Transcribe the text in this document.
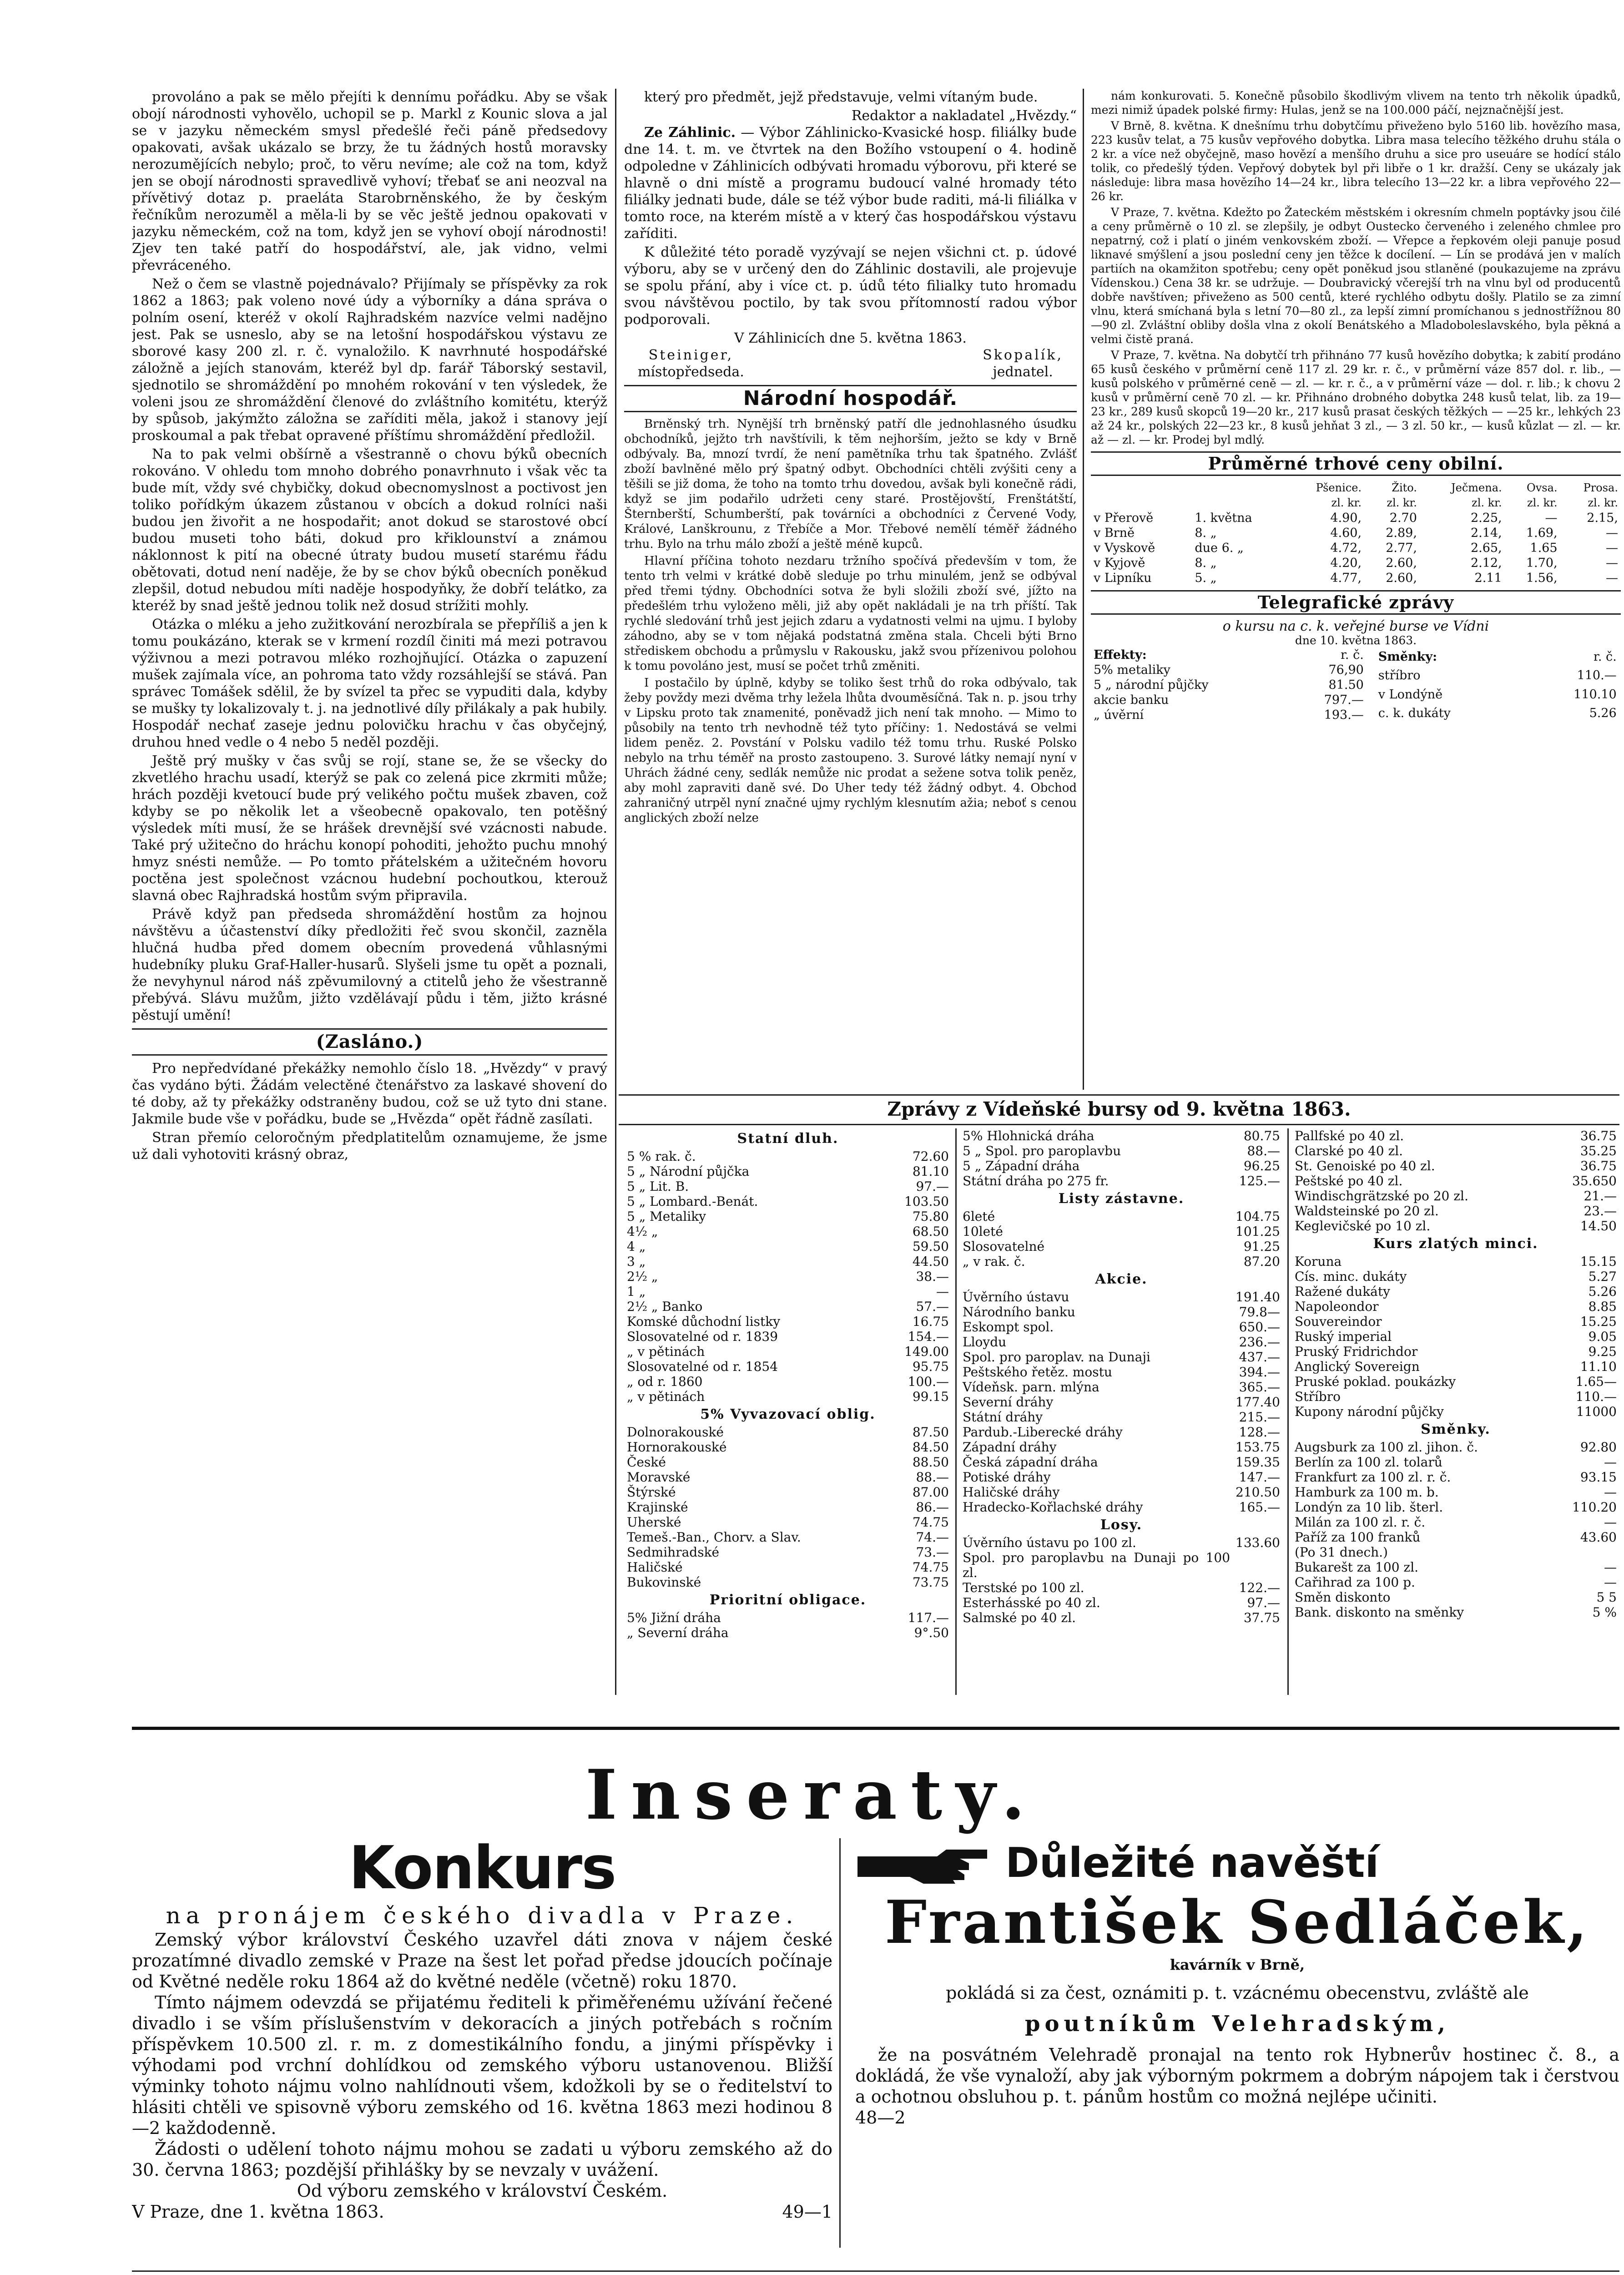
provoláno a pak se mělo přejíti k dennímu pořádku. Aby se však obojí národnosti vyhovělo, uchopil se p. Markl z Kounic slova a jal se v jazyku německém smysl předešlé řeči páně předsedovy opakovati, avšak ukázalo se brzy, že tu žádných hostů moravsky nerozumějících nebylo; proč, to věru nevíme; ale což na tom, když jen se obojí národnosti spravedlivě vyhoví; třebať se ani neozval na přívětivý dotaz p. praeláta Starobrněnského, že by českým řečníkům nerozuměl a měla-li by se věc ještě jednou opakovati v jazyku německém, což na tom, když jen se vyhoví obojí národnosti! Zjev ten také patří do hospodářství, ale, jak vidno, velmi převráceného.

Než o čem se vlastně pojednávalo? Přijímaly se příspěvky za rok 1862 a 1863; pak voleno nové údy a výborníky a dána správa o polním osení, kteréž v okolí Rajhradském nazvíce velmi nadějno jest. Pak se usneslo, aby se na letošní hospodářskou výstavu ze sborové kasy 200 zl. r. č. vynaložilo. K navrhnuté hospodářské záložně a jejích stanovám, kteréž byl dp. farář Táborský sestavil, sjednotilo se shromáždění po mnohém rokování v ten výsledek, že voleni jsou ze shromáždění členové do zvláštního komitétu, kterýž by spůsob, jakýmžto záložna se zaříditi měla, jakož i stanovy její proskoumal a pak třebat opravené příštímu shromáždění předložil.

Na to pak velmi obšírně a všestranně o chovu býků obecních rokováno. V ohledu tom mnoho dobrého ponavrhnuto i však věc ta bude mít, vždy své chybičky, dokud obecnomyslnost a poctivost jen toliko pořídkým úkazem zůstanou v obcích a dokud rolníci naši budou jen živořit a ne hospodařit; anot dokud se starostové obcí budou museti toho báti, dokud pro křiklounství a známou náklonnost k pití na obecné útraty budou musetí starému řádu obětovati, dotud není naděje, že by se chov býků obecních poněkud zlepšil, dotud nebudou míti naděje hospodyňky, že dobří telátko, za kteréž by snad ještě jednou tolik než dosud strížiti mohly.

Otázka o mléku a jeho zužitkování nerozbírala se přepříliš a jen k tomu poukázáno, kterak se v krmení rozdíl činiti má mezi potravou výživnou a mezi potravou mléko rozhojňující. Otázka o zapuzení mušek zajímala více, an pohroma tato vždy rozsáhlejší se stává. Pan správec Tomášek sdělil, že by svízel ta přec se vypuditi dala, kdyby se mušky ty lokalizovaly t. j. na jednotlivé díly přilákaly a pak hubily. Hospodář nechať zaseje jednu polovičku hrachu v čas obyčejný, druhou hned vedle o 4 nebo 5 neděl později.

Ještě prý mušky v čas svůj se rojí, stane se, že se všecky do zkvetlého hrachu usadí, kterýž se pak co zelená pice zkrmiti může; hrách později kvetoucí bude prý velikého počtu mušek zbaven, což kdyby se po několik let a všeobecně opakovalo, ten potěšný výsledek míti musí, že se hrášek drevnější své vzácnosti nabude. Také prý užitečno do hráchu konopí pohoditi, jehožto puchu mnohý hmyz snésti nemůže. — Po tomto přátelském a užitečném hovoru poctěna jest společnost vzácnou hudební pochoutkou, kterouž slavná obec Rajhradská hostům svým připravila.

Právě když pan předseda shromáždění hostům za hojnou návštěvu a účastenství díky předložiti řeč svou skončil, zazněla hlučná hudba před domem obecním provedená vůhlasnými hudebníky pluku Graf-Haller-husarů. Slyšeli jsme tu opět a poznali, že nevyhynul národ náš zpěvumilovný a ctitelů jeho že všestranně přebývá. Slávu mužům, jižto vzdělávají půdu i těm, jižto krásné pěstují umění!

(Zasláno.)

Pro nepředvídané překážky nemohlo číslo 18. „Hvězdy“ v pravý čas vydáno býti. Žádám velectěné čtenářstvo za laskavé shovení do té doby, až ty překážky odstraněny budou, což se už tyto dni stane. Jakmile bude vše v pořádku, bude se „Hvězda“ opět řádně zasílati.

Stran přemío celoročným předplatitelům oznamujeme, že jsme už dali vyhotoviti krásný obraz,

který pro předmět, jejž představuje, velmi vítaným bude.

Redaktor a nakladatel „Hvězdy.“

Ze Záhlinic. — Výbor Záhlinicko-Kvasické hosp. filiálky bude dne 14. t. m. ve čtvrtek na den Božího vstoupení o 4. hodině odpoledne v Záhlinicích odbývati hromadu výborovu, při které se hlavně o dni místě a programu budoucí valné hromady této filiálky jednati bude, dále se též výbor bude raditi, má-li filiálka v tomto roce, na kterém místě a v který čas hospodářskou výstavu zaříditi.

K důležité této poradě vyzývají se nejen všichni ct. p. údové výboru, aby se v určený den do Záhlinic dostavili, ale projevuje se spolu přání, aby i více ct. p. údů této filialky tuto hromadu svou návštěvou poctilo, by tak svou přítomností radou výbor podporovali.

V Záhlinicích dne 5. května 1863.
Steiniger,
místopředseda.
Skopalík,
jednatel.
Národní hospodář.

Brněnský trh. Nynější trh brněnský patří dle jednohlasného úsudku obchodníků, jejžto trh navštívili, k těm nejhorším, ježto se kdy v Brně odbývaly. Ba, mnozí tvrdí, že není pamětníka trhu tak špatného. Zvlášť zboží bavlněné mělo prý špatný odbyt. Obchodníci chtěli zvýšiti ceny a těšili se již doma, že toho na tomto trhu dovedou, avšak byli konečně rádi, když se jim podařilo udržeti ceny staré. Prostějovští, Frenštátští, Šternberští, Schumberští, pak továrníci a obchodníci z Červené Vody, Králové, Lanškrounu, z Třebíče a Mor. Třebové nemělí téměř žádného trhu. Bylo na trhu málo zboží a ještě méně kupců.

Hlavní příčina tohoto nezdaru tržního spočívá především v tom, že tento trh velmi v krátké době sleduje po trhu minulém, jenž se odbýval před třemi týdny. Obchodníci sotva že byli složili zboží své, jížto na předešlém trhu vyloženo měli, již aby opět nakládali je na trh příští. Tak rychlé sledování trhů jest jejich zdaru a vydatnosti velmi na ujmu. I byloby záhodno, aby se v tom nějaká podstatná změna stala. Chceli býti Brno střediskem obchodu a průmyslu v Rakousku, jakž svou přízenivou polohou k tomu povoláno jest, musí se počet trhů změniti.

I postačilo by úplně, kdyby se toliko šest trhů do roka odbývalo, tak žeby povždy mezi dvěma trhy ležela lhůta dvouměsíčná. Tak n. p. jsou trhy v Lipsku proto tak znamenité, poněvadž jich není tak mnoho. — Mimo to působily na tento trh nevhodně též tyto příčiny: 1. Nedostává se velmi lidem peněz. 2. Povstání v Polsku vadilo též tomu trhu. Ruské Polsko nebylo na trhu téměř na prosto zastoupeno. 3. Surové látky nemají nyní v Uhrách žádné ceny, sedlák nemůže nic prodat a sežene sotva tolik peněz, aby mohl zapraviti daně své. Do Uher tedy též žádný odbyt. 4. Obchod zahraničný utrpěl nyní značné ujmy rychlým klesnutím ažia; neboť s cenou anglických zboží nelze

nám konkurovati. 5. Konečně působilo škodlivým vlivem na tento trh několik úpadků, mezi nimiž úpadek polské firmy: Hulas, jenž se na 100.000 páčí, nejznačnější jest.

V Brně, 8. května. K dnešnímu trhu dobytčímu přiveženo bylo 5160 lib. hovězího masa, 223 kusův telat, a 75 kusův vepřového dobytka. Libra masa telecího těžkého druhu stála o 2 kr. a více než obyčejně, maso hovězí a menšího druhu a sice pro useuáre se hodící stálo tolik, co předešlý týden. Vepřový dobytek byl při libře o 1 kr. dražší. Ceny se ukázaly jak následuje: libra masa hovězího 14—24 kr., libra telecího 13—22 kr. a libra vepřového 22—26 kr.

V Praze, 7. května. Kdežto po Žateckém městském i okresním chmeln poptávky jsou čilé a ceny průměrně o 10 zl. se zlepšily, je odbyt Oustecko červeného i zeleného chmlee pro nepatrný, což i platí o jiném venkovském zboží. — Vřepce a řepkovém oleji panuje posud liknavé smýšlení a jsou poslední ceny jen těžce k docílení. — Lín se prodává jen v malích partiích na okamžiton spotřebu; ceny opět poněkud jsou stlaněné (poukazujeme na zprávu Vídenskou.) Cena 38 kr. se udržuje. — Doubravický včerejší trh na vlnu byl od producentů dobře navštíven; přiveženo as 500 centů, které rychlého odbytu došly. Platilo se za zimní vlnu, která smíchaná byla s letní 70—80 zl., za lepší zimní promíchanou s jednostřížnou 80—90 zl. Zvláštní obliby došla vlna z okolí Benátského a Mladoboleslavského, byla pěkná a velmi čistě praná.

V Praze, 7. května. Na dobytčí trh přihnáno 77 kusů hovězího dobytka; k zabití prodáno 65 kusů českého v průměrní ceně 117 zl. 29 kr. r. č., v průměrní váze 857 dol. r. lib., — kusů polského v průměrné ceně — zl. — kr. r. č., a v průměrní váze — dol. r. lib.; k chovu 2 kusů v průměrní ceně 70 zl. — kr. Přihnáno drobného dobytka 248 kusů telat, lib. za 19—23 kr., 289 kusů skopců 19—20 kr., 217 kusů prasat českých těžkých — —25 kr., lehkých 23 až 24 kr., polských 22—23 kr., 8 kusů jehňat 3 zl., — 3 zl. 50 kr., — kusů kůzlat — zl. — kr. až — zl. — kr. Prodej byl mdlý.

Průměrné trhové ceny obilní.
		Pšenice.	Žito.	Ječmena.	Ovsa.	Prosa.
		zl. kr.	zl. kr.	zl. kr.	zl. kr.	zl. kr.
v Přerově	1. května	4.90,	2.70	2.25,	—	2.15,
v Brně	8. „	4.60,	2.89,	2.14,	1.69,	—
v Vyskově	due 6. „	4.72,	2.77,	2.65,	1.65	—
v Kyjově	8. „	4.20,	2.60,	2.12,	1.70,	—
v Lipníku	5. „	4.77,	2.60,	2.11	1.56,	—
Telegrafické zprávy
o kursu na c. k. veřejné burse ve Vídni
dne 10. května 1863.
Effekty:	r. č.
5% metaliky	76,90
5 „ národní půjčky	81.50
akcie banku	797.—
„ úvěrní	193.—
Směnky:	r. č.
stříbro	110.—
v Londýně	110.10
c. k. dukáty	5.26
Zprávy z Vídeňské bursy od 9. května 1863.
Statní dluh.
5 % rak. č.	72.60
5 „ Národní půjčka	81.10
5 „ Lit. B.	97.—
5 „ Lombard.-Benát.	103.50
5 „ Metaliky	75.80
4½ „	68.50
4 „	59.50
3 „	44.50
2½ „	38.—
1 „	—
2½ „ Banko	57.—
Komské důchodní listky	16.75
Slosovatelné od r. 1839	154.—
„ v pětinách	149.00
Slosovatelné od r. 1854	95.75
„ od r. 1860	100.—
„ v pětinách	99.15
5% Vyvazovací oblig.
Dolnorakouské	87.50
Hornorakouské	84.50
České	88.50
Moravské	88.—
Štýrské	87.00
Krajinské	86.—
Uherské	74.75
Temeš.-Ban., Chorv. a Slav.	74.—
Sedmihradské	73.—
Haličské	74.75
Bukovinské	73.75
Prioritní obligace.
5% Jižní dráha	117.—
„ Severní dráha	9°.50
5% Hlohnická dráha	80.75
5 „ Spol. pro paroplavbu	88.—
5 „ Západní dráha	96.25
Státní dráha po 275 fr.	125.—
Listy zástavne.
6leté	104.75
10leté	101.25
Slosovatelné	91.25
„ v rak. č.	87.20
Akcie.
Úvěrního ústavu	191.40
Národního banku	79.8—
Eskompt spol.	650.—
Lloydu	236.—
Spol. pro paroplav. na Dunaji	437.—
Peštského řetěz. mostu	394.—
Vídeňsk. parn. mlýna	365.—
Severní dráhy	177.40
Státní dráhy	215.—
Pardub.-Liberecké dráhy	128.—
Západní dráhy	153.75
Česká západní dráha	159.35
Potiské dráhy	147.—
Haličské dráhy	210.50
Hradecko-Kořlachské dráhy	165.—
Losy.
Úvěrního ústavu po 100 zl.	133.60
Spol. pro paroplavbu na Dunaji po 100 zl.	
Terstské po 100 zl.	122.—
Esterhásské po 40 zl.	97.—
Salmské po 40 zl.	37.75
Pallfské po 40 zl.	36.75
Clarské po 40 zl.	35.25
St. Genoiské po 40 zl.	36.75
Peštské po 40 zl.	35.650
Windischgrätzské po 20 zl.	21.—
Waldsteinské po 20 zl.	23.—
Keglevičské po 10 zl.	14.50
Kurs zlatých minci.
Koruna	15.15
Cís. minc. dukáty	5.27
Ražené dukáty	5.26
Napoleondor	8.85
Souvereindor	15.25
Ruský imperial	9.05
Pruský Fridrichdor	9.25
Anglický Sovereign	11.10
Pruské poklad. poukázky	1.65—
Stříbro	110.—
Kupony národní půjčky	11000
Směnky.
Augsburk za 100 zl. jihon. č.	92.80
Berlín za 100 zl. tolarů	—
Frankfurt za 100 zl. r. č.	93.15
Hamburk za 100 m. b.	—
Londýn za 10 lib. šterl.	110.20
Milán za 100 zl. r. č.	—
Paříž za 100 franků	43.60
(Po 31 dnech.)	
Bukarešt za 100 zl.	—
Cařihrad za 100 p.	—
Směn diskonto	5 5
Bank. diskonto na směnky	5 %
Inseraty.
Konkurs
na pronájem českého divadla v Praze.

Zemský výbor království Českého uzavřel dáti znova v nájem české prozatímné divadlo zemské v Praze na šest let pořad předse jdoucích počínaje od Květné neděle roku 1864 až do květné neděle (včetně) roku 1870.

Tímto nájmem odevzdá se přijatému řediteli k přiměřenému užívání řečené divadlo i se vším příslušenstvím v dekoracích a jiných potřebách s ročním příspěvkem 10.500 zl. r. m. z domestikálního fondu, a jinými příspěvky i výhodami pod vrchní dohlídkou od zemského výboru ustanovenou. Bližší výminky tohoto nájmu volno nahlídnouti všem, kdožkoli by se o ředitelství to hlásiti chtěli ve spisovně výboru zemského od 16. května 1863 mezi hodinou 8—2 každodenně.

Žádosti o udělení tohoto nájmu mohou se zadati u výboru zemského až do 30. června 1863; pozdější přihlášky by se nevzaly v uvážení.

Od výboru zemského v království Českém.
V Praze, dne 1. května 1863.	49—1
Důležité navěští
František Sedláček,
kavárník v Brně,

pokládá si za čest, oznámiti p. t. vzácnému obecenstvu, zvláště ale

poutníkům Velehradským,

že na posvátném Velehradě pronajal na tento rok Hybnerův hostinec č. 8., a dokládá, že vše vynaloží, aby jak výborným pokrmem a dobrým nápojem tak i čerstvou a ochotnou obsluhou p. t. pánům hostům co možná nejlépe učiniti.

48—2
